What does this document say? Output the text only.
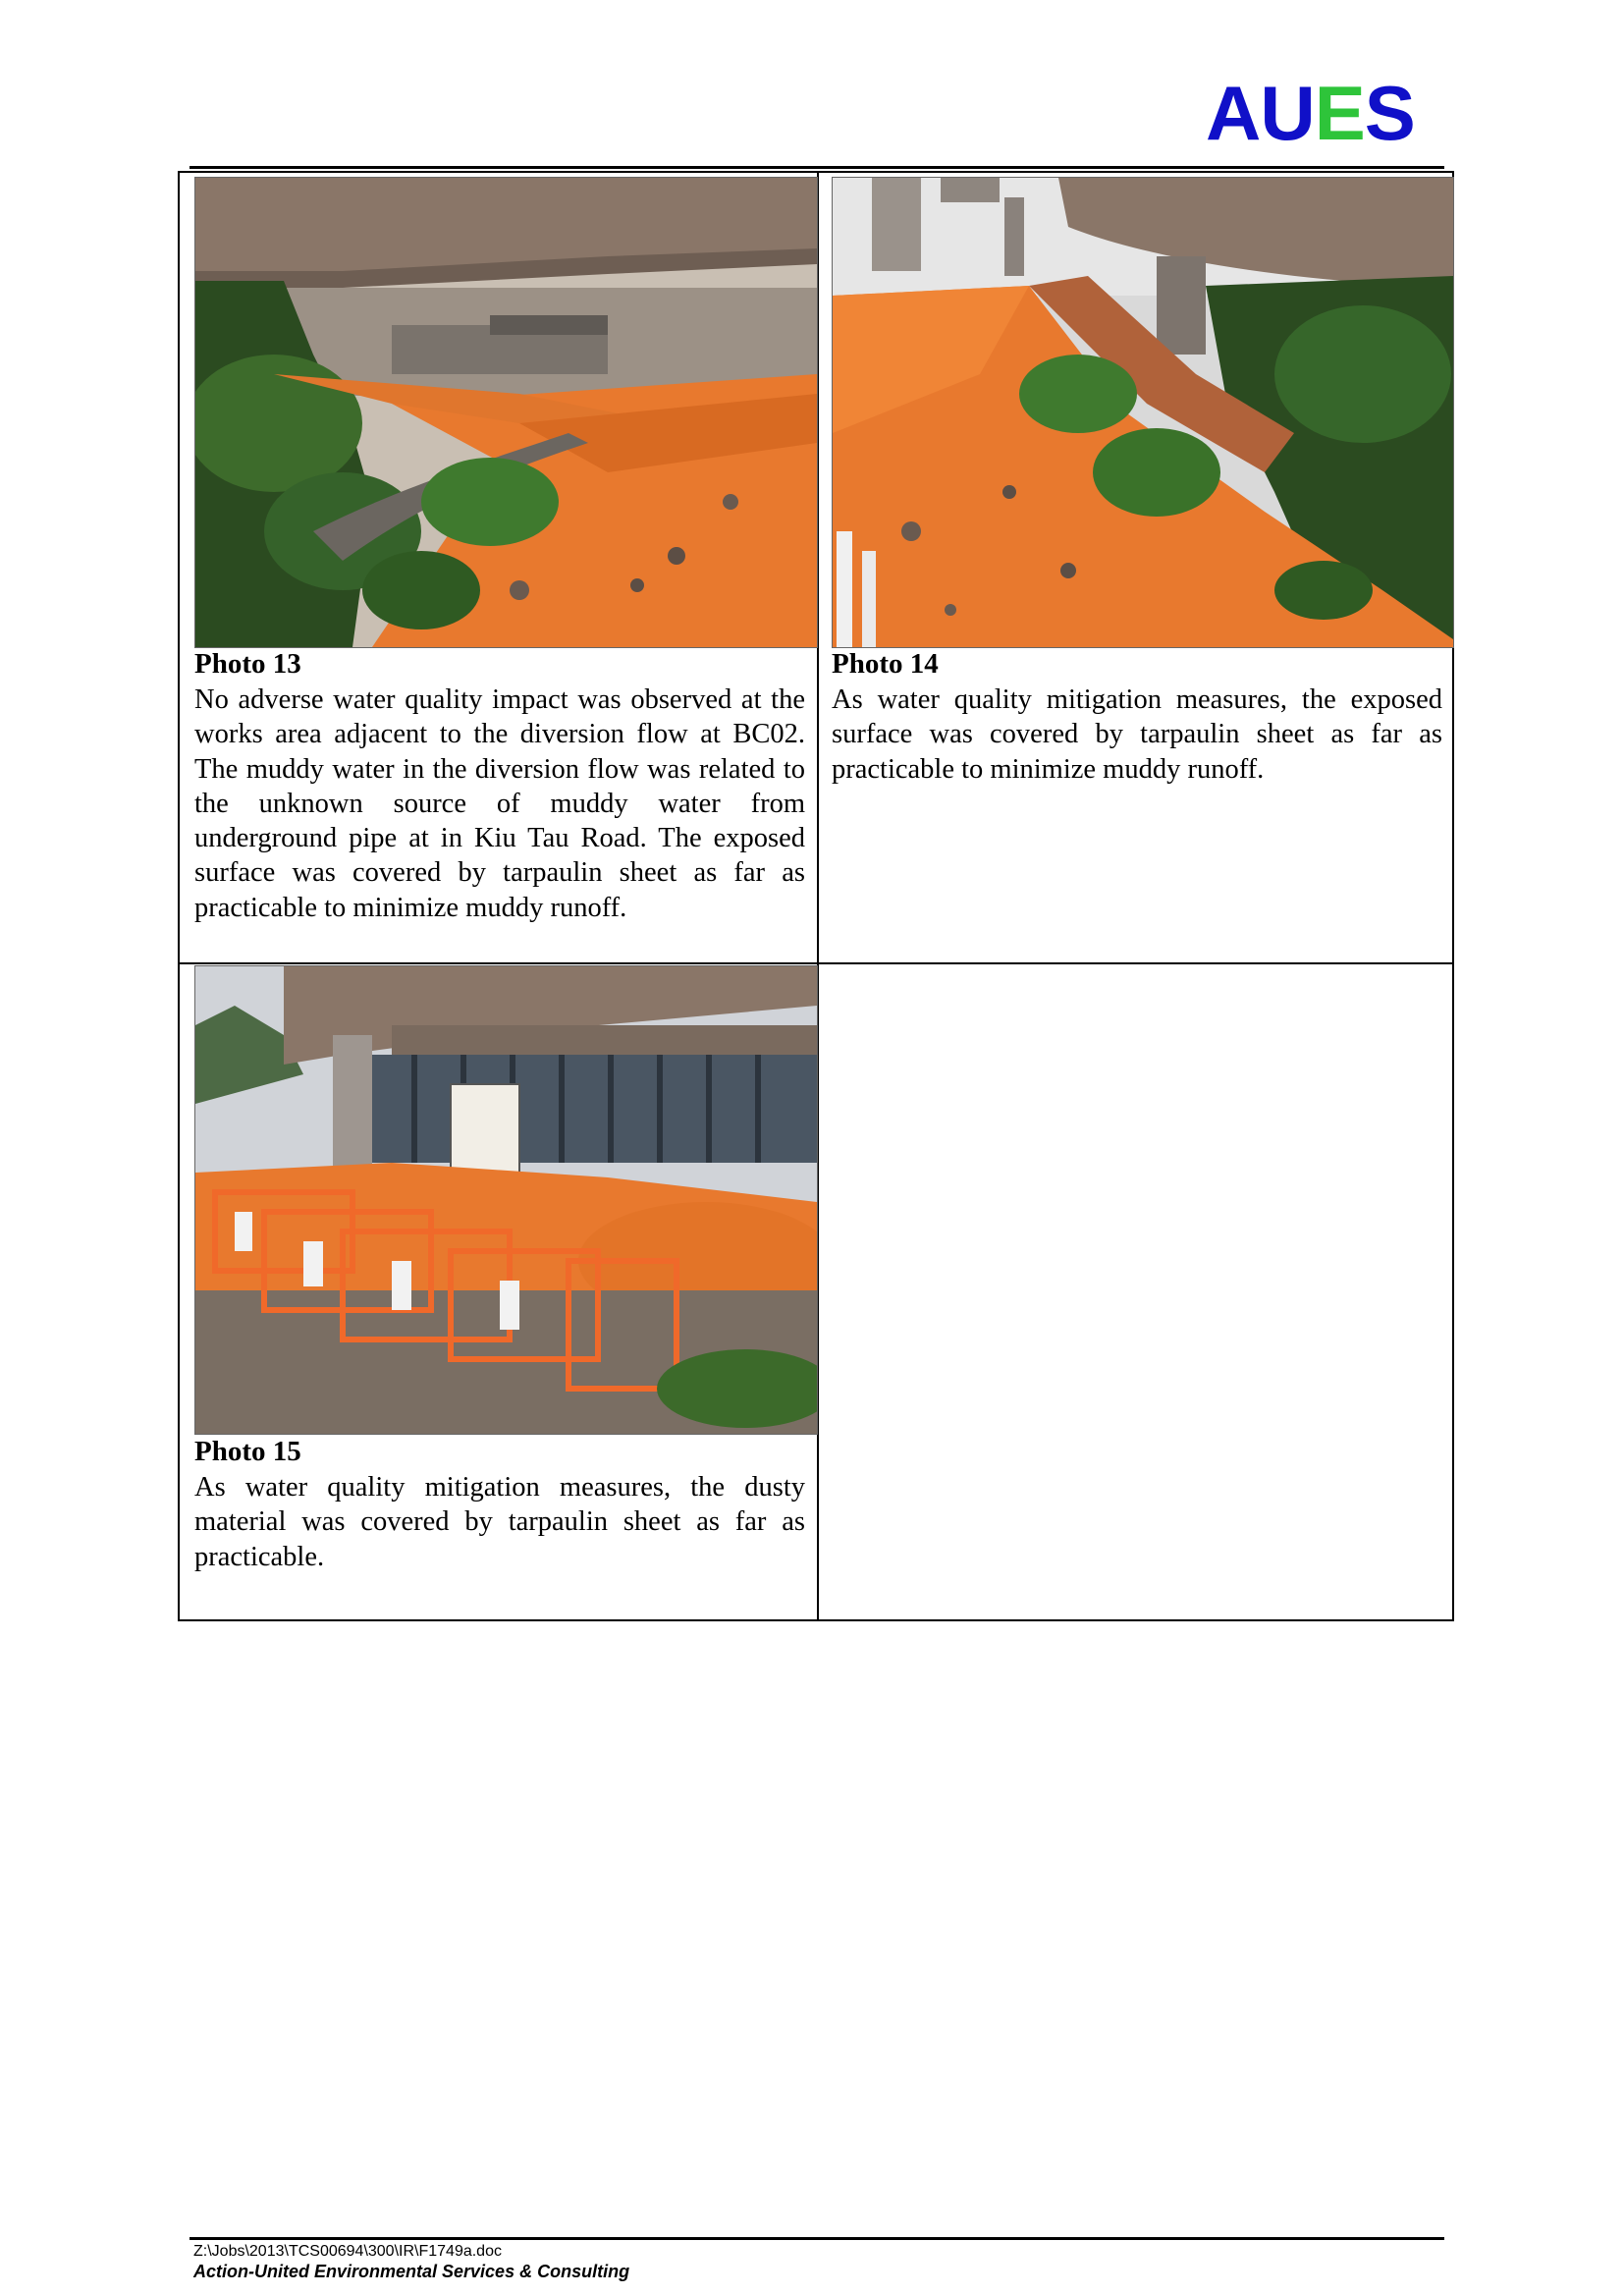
AUES
Photo 13
No adverse water quality impact was observed at the works area adjacent to the diversion flow at BC02. The muddy water in the diversion flow was related to the unknown source of muddy water from underground pipe at in Kiu Tau Road. The exposed surface was covered by tarpaulin sheet as far as practicable to minimize muddy runoff.
Photo 14
As water quality mitigation measures, the exposed surface was covered by tarpaulin sheet as far as practicable to minimize muddy runoff.
Photo 15
As water quality mitigation measures, the dusty material was covered by tarpaulin sheet as far as practicable.
Z:\Jobs\2013\TCS00694\300\IR\F1749a.doc
Action-United Environmental Services & Consulting
